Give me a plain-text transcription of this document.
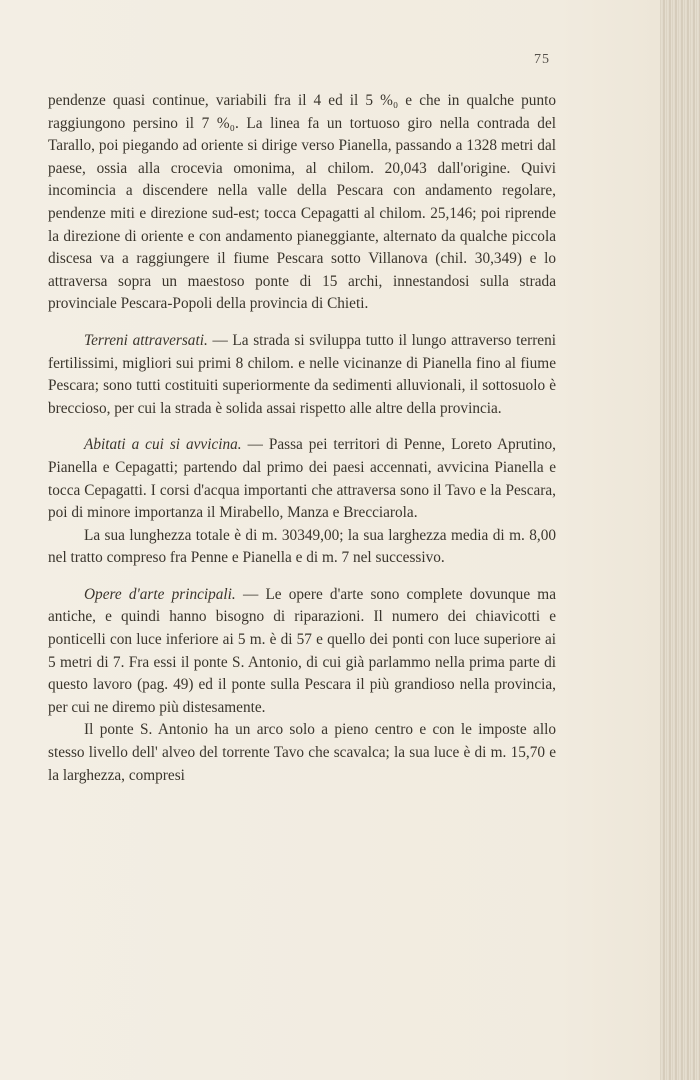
75

pendenze quasi continue, variabili fra il 4 ed il 5 %₀ e che in qualche punto raggiungono persino il 7 %₀. La linea fa un tortuoso giro nella contrada del Tarallo, poi piegando ad oriente si dirige verso Pianella, passando a 1328 metri dal paese, ossia alla crocevia omonima, al chilom. 20,043 dall'origine. Quivi incomincia a discendere nella valle della Pescara con andamento regolare, pendenze miti e direzione sud-est; tocca Cepagatti al chilom. 25,146; poi riprende la direzione di oriente e con andamento pianeggiante, alternato da qualche piccola discesa va a raggiungere il fiume Pescara sotto Villanova (chil. 30,349) e lo attraversa sopra un maestoso ponte di 15 archi, innestandosi sulla strada provinciale Pescara-Popoli della provincia di Chieti.

Terreni attraversati. — La strada si sviluppa tutto il lungo attraverso terreni fertilissimi, migliori sui primi 8 chilom. e nelle vicinanze di Pianella fino al fiume Pescara; sono tutti costituiti superiormente da sedimenti alluvionali, il sottosuolo è breccioso, per cui la strada è solida assai rispetto alle altre della provincia.

Abitati a cui si avvicina. — Passa pei territori di Penne, Loreto Aprutino, Pianella e Cepagatti; partendo dal primo dei paesi accennati, avvicina Pianella e tocca Cepagatti. I corsi d'acqua importanti che attraversa sono il Tavo e la Pescara, poi di minore importanza il Mirabello, Manza e Brecciarola.

La sua lunghezza totale è di m. 30349,00; la sua larghezza media di m. 8,00 nel tratto compreso fra Penne e Pianella e di m. 7 nel successivo.

Opere d'arte principali. — Le opere d'arte sono complete dovunque ma antiche, e quindi hanno bisogno di riparazioni. Il numero dei chiavicotti e ponticelli con luce inferiore ai 5 m. è di 57 e quello dei ponti con luce superiore ai 5 metri di 7. Fra essi il ponte S. Antonio, di cui già parlammo nella prima parte di questo lavoro (pag. 49) ed il ponte sulla Pescara il più grandioso nella provincia, per cui ne diremo più distesamente.

Il ponte S. Antonio ha un arco solo a pieno centro e con le imposte allo stesso livello dell' alveo del torrente Tavo che scavalca; la sua luce è di m. 15,70 e la larghezza, compresi
